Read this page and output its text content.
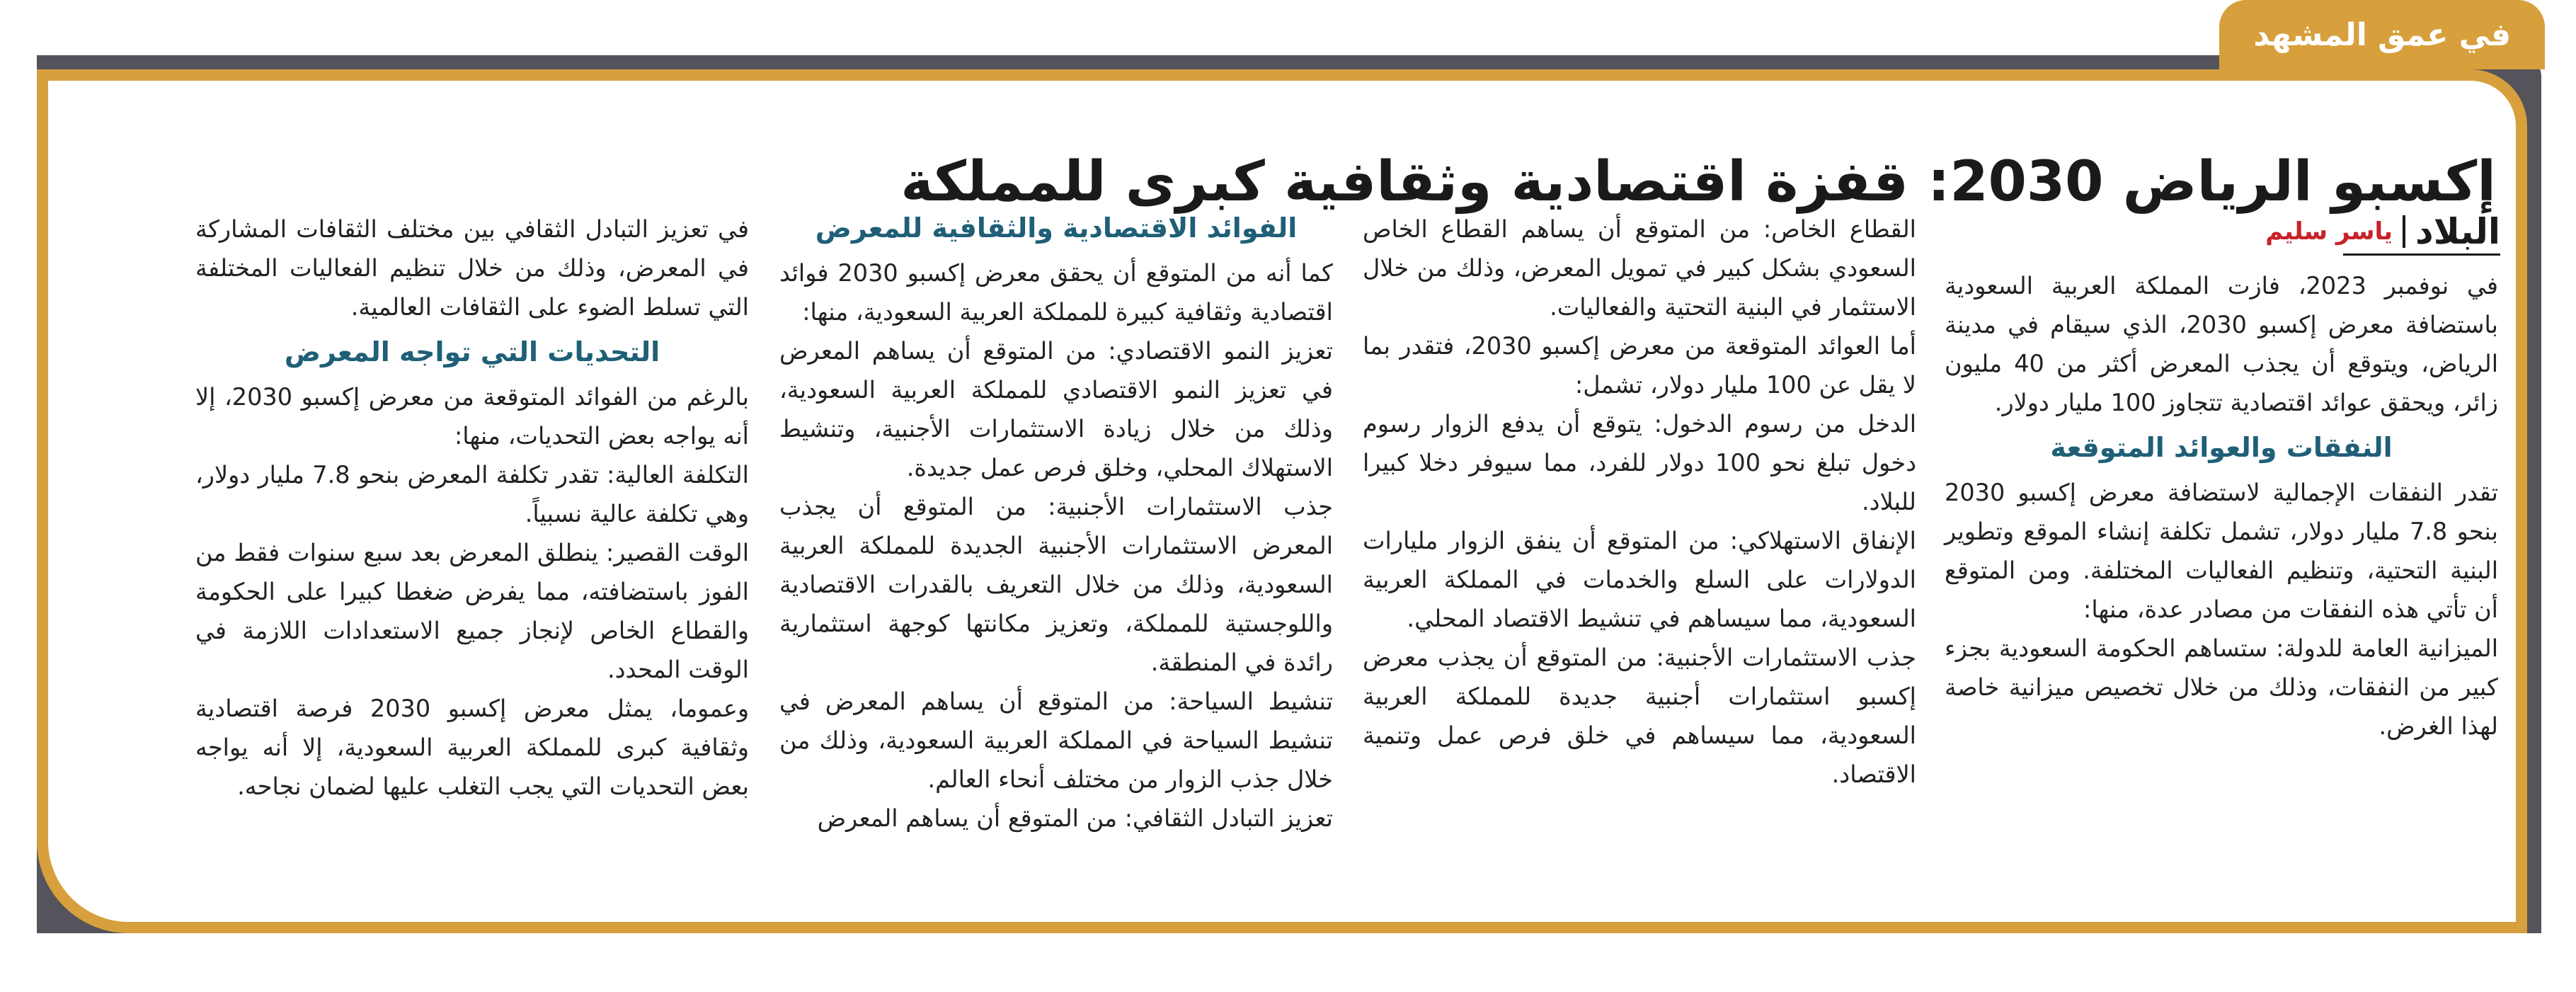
في عمق المشهد
إكسبو الرياض 2030: قفزة اقتصادية وثقافية كبرى للمملكة
البلاد
ياسر سليم

في نوفمبر 2023، فازت المملكة العربية السعودية باستضافة معرض إكسبو 2030، الذي سيقام في مدينة الرياض، ويتوقع أن يجذب المعرض أكثر من 40 مليون زائر، ويحقق عوائد اقتصادية تتجاوز 100 مليار دولار.

النفقات والعوائد المتوقعة

تقدر النفقات الإجمالية لاستضافة معرض إكسبو 2030 بنحو 7.8 مليار دولار، تشمل تكلفة إنشاء الموقع وتطوير البنية التحتية، وتنظيم الفعاليات المختلفة. ومن المتوقع أن تأتي هذه النفقات من مصادر عدة، منها:

الميزانية العامة للدولة: ستساهم الحكومة السعودية بجزء كبير من النفقات، وذلك من خلال تخصيص ميزانية خاصة لهذا الغرض.

القطاع الخاص: من المتوقع أن يساهم القطاع الخاص السعودي بشكل كبير في تمويل المعرض، وذلك من خلال الاستثمار في البنية التحتية والفعاليات.

أما العوائد المتوقعة من معرض إكسبو 2030، فتقدر بما لا يقل عن 100 مليار دولار، تشمل:

الدخل من رسوم الدخول: يتوقع أن يدفع الزوار رسوم دخول تبلغ نحو 100 دولار للفرد، مما سيوفر دخلا كبيرا للبلاد.

الإنفاق الاستهلاكي: من المتوقع أن ينفق الزوار مليارات الدولارات على السلع والخدمات في المملكة العربية السعودية، مما سيساهم في تنشيط الاقتصاد المحلي.

جذب الاستثمارات الأجنبية: من المتوقع أن يجذب معرض إكسبو استثمارات أجنبية جديدة للمملكة العربية السعودية، مما سيساهم في خلق فرص عمل وتنمية الاقتصاد.

الفوائد الاقتصادية والثقافية للمعرض

كما أنه من المتوقع أن يحقق معرض إكسبو 2030 فوائد اقتصادية وثقافية كبيرة للمملكة العربية السعودية، منها:

تعزيز النمو الاقتصادي: من المتوقع أن يساهم المعرض في تعزيز النمو الاقتصادي للمملكة العربية السعودية، وذلك من خلال زيادة الاستثمارات الأجنبية، وتنشيط الاستهلاك المحلي، وخلق فرص عمل جديدة.

جذب الاستثمارات الأجنبية: من المتوقع أن يجذب المعرض الاستثمارات الأجنبية الجديدة للمملكة العربية السعودية، وذلك من خلال التعريف بالقدرات الاقتصادية واللوجستية للمملكة، وتعزيز مكانتها كوجهة استثمارية رائدة في المنطقة.

تنشيط السياحة: من المتوقع أن يساهم المعرض في تنشيط السياحة في المملكة العربية السعودية، وذلك من خلال جذب الزوار من مختلف أنحاء العالم.

تعزيز التبادل الثقافي: من المتوقع أن يساهم المعرض

في تعزيز التبادل الثقافي بين مختلف الثقافات المشاركة في المعرض، وذلك من خلال تنظيم الفعاليات المختلفة التي تسلط الضوء على الثقافات العالمية.

التحديات التي تواجه المعرض

بالرغم من الفوائد المتوقعة من معرض إكسبو 2030، إلا أنه يواجه بعض التحديات، منها:

التكلفة العالية: تقدر تكلفة المعرض بنحو 7.8 مليار دولار، وهي تكلفة عالية نسبياً.

الوقت القصير: ينطلق المعرض بعد سبع سنوات فقط من الفوز باستضافته، مما يفرض ضغطا كبيرا على الحكومة والقطاع الخاص لإنجاز جميع الاستعدادات اللازمة في الوقت المحدد.

وعموما، يمثل معرض إكسبو 2030 فرصة اقتصادية وثقافية كبرى للمملكة العربية السعودية، إلا أنه يواجه بعض التحديات التي يجب التغلب عليها لضمان نجاحه.
